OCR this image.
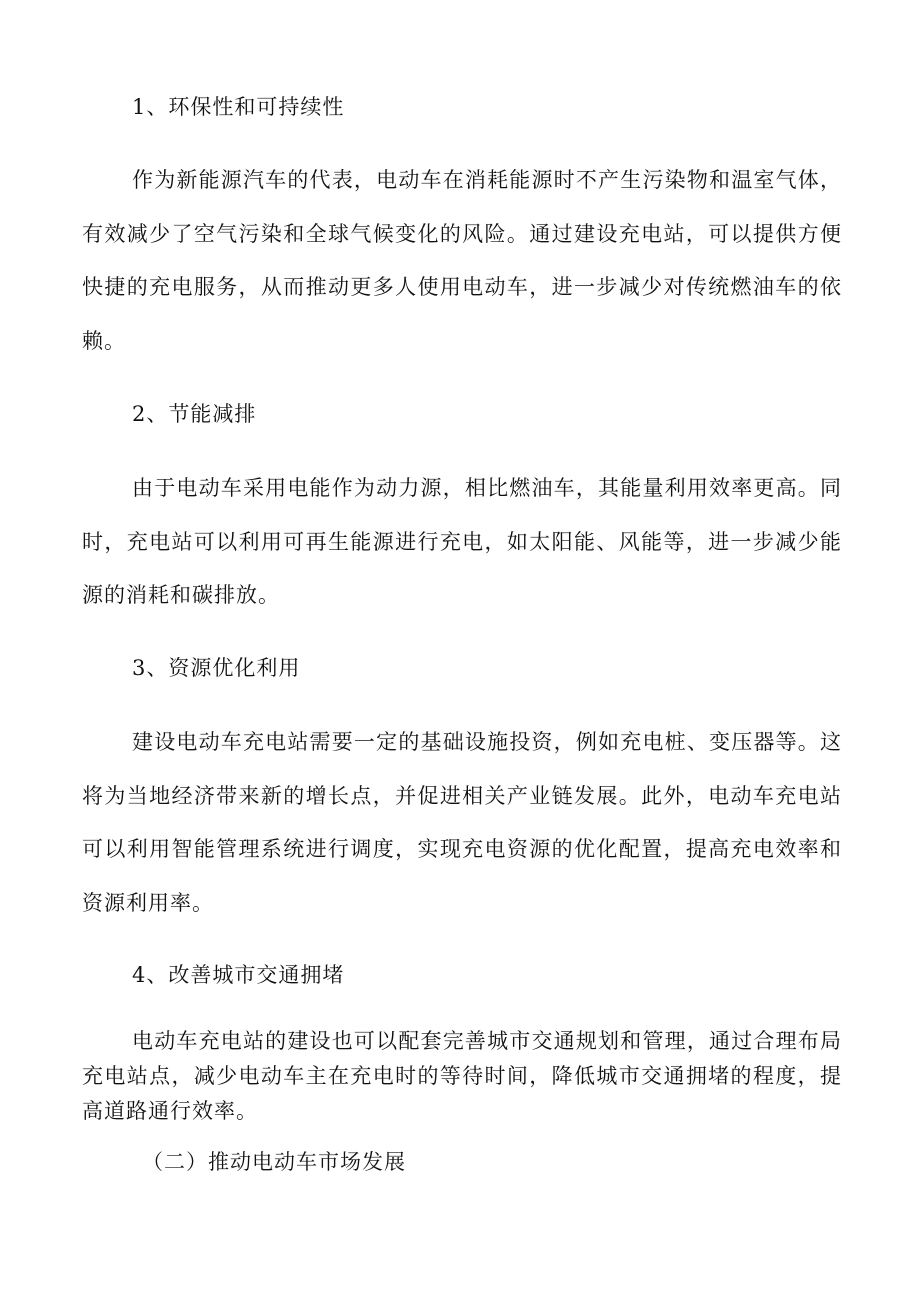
1、环保性和可持续性

作为新能源汽车的代表，电动车在消耗能源时不产生污染物和温室气体，有效减少了空气污染和全球气候变化的风险。通过建设充电站，可以提供方便快捷的充电服务，从而推动更多人使用电动车，进一步减少对传统燃油车的依赖。

2、节能减排

由于电动车采用电能作为动力源，相比燃油车，其能量利用效率更高。同时，充电站可以利用可再生能源进行充电，如太阳能、风能等，进一步减少能源的消耗和碳排放。

3、资源优化利用

建设电动车充电站需要一定的基础设施投资，例如充电桩、变压器等。这将为当地经济带来新的增长点，并促进相关产业链发展。此外，电动车充电站可以利用智能管理系统进行调度，实现充电资源的优化配置，提高充电效率和资源利用率。

4、改善城市交通拥堵

电动车充电站的建设也可以配套完善城市交通规划和管理，通过合理布局充电站点，减少电动车主在充电时的等待时间，降低城市交通拥堵的程度，提高道路通行效率。

（二）推动电动车市场发展
